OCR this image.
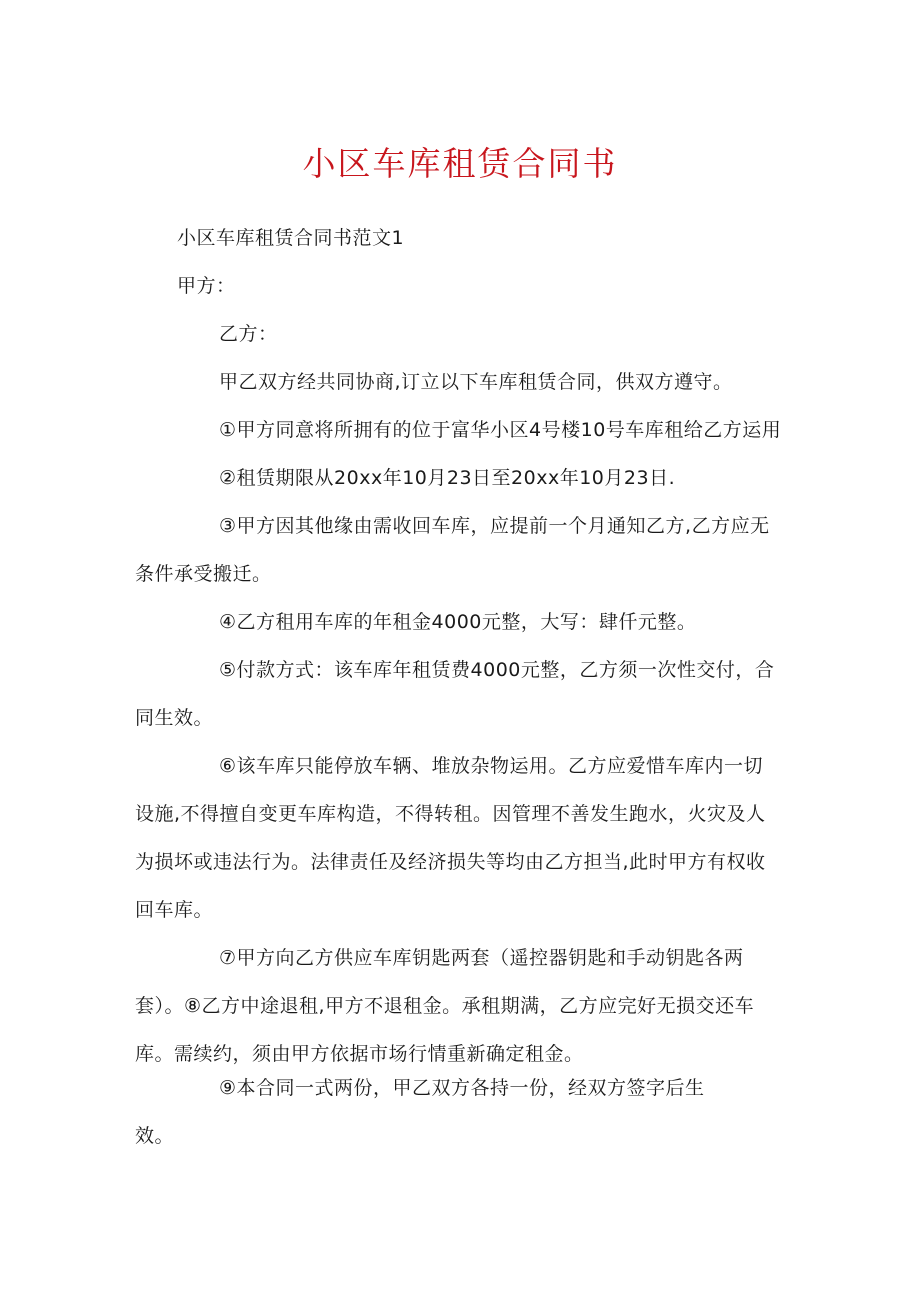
小区车库租赁合同书
小区车库租赁合同书范文1
甲方：
乙方：
甲乙双方经共同协商,订立以下车库租赁合同，供双方遵守。
①甲方同意将所拥有的位于富华小区4号楼10号车库租给乙方运用
②租赁期限从20xx年10月23日至20xx年10月23日.
③甲方因其他缘由需收回车库，应提前一个月通知乙方,乙方应无
条件承受搬迁。
④乙方租用车库的年租金4000元整，大写：肆仟元整。
⑤付款方式：该车库年租赁费4000元整，乙方须一次性交付，合
同生效。
⑥该车库只能停放车辆、堆放杂物运用。乙方应爱惜车库内一切
设施,不得擅自变更车库构造，不得转租。因管理不善发生跑水，火灾及人
为损坏或违法行为。法律责任及经济损失等均由乙方担当,此时甲方有权收
回车库。
⑦甲方向乙方供应车库钥匙两套（遥控器钥匙和手动钥匙各两
套）。⑧乙方中途退租,甲方不退租金。承租期满，乙方应完好无损交还车
库。需续约，须由甲方依据市场行情重新确定租金。
⑨本合同一式两份，甲乙双方各持一份，经双方签字后生
效。
